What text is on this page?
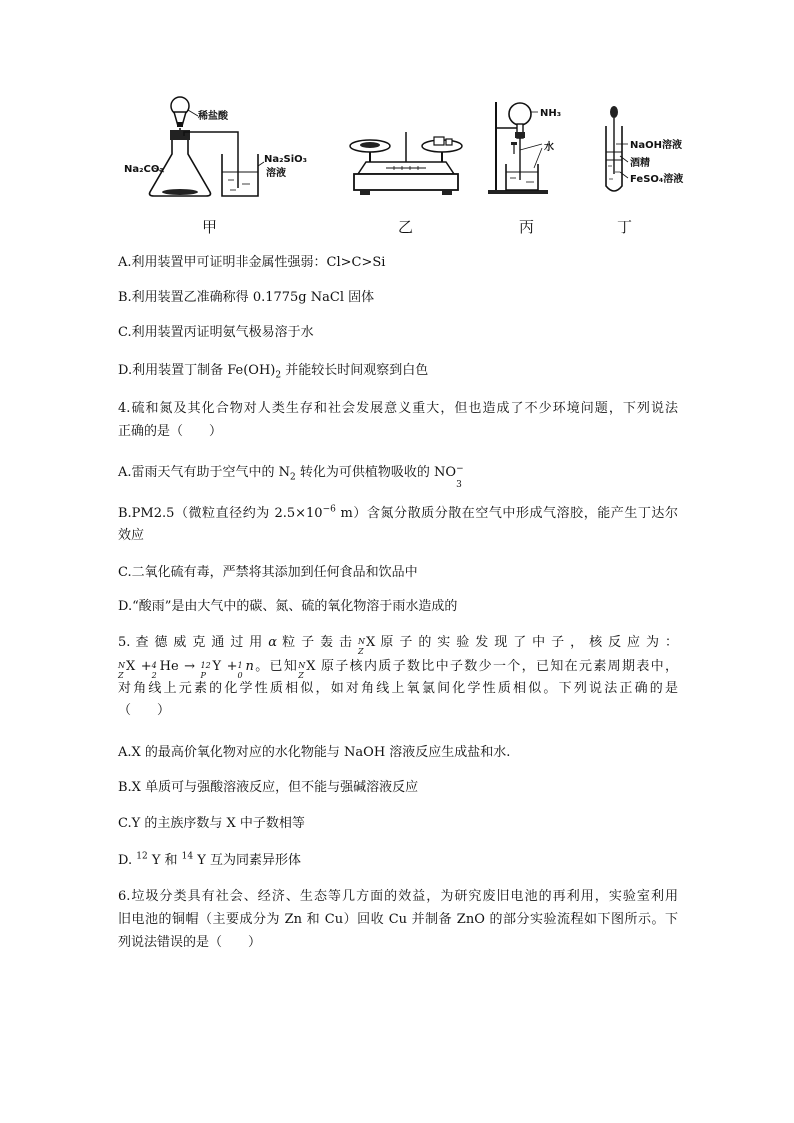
稀盐酸
Na₂CO₃
Na₂SiO₃
溶液
甲	乙
NH₃
水
丙
NaOH溶液
酒精
FeSO₄溶液
丁
A.利用装置甲可证明非金属性强弱：Cl>C>Si
B.利用装置乙准确称得 0.1775g NaCl 固体
C.利用装置丙证明氨气极易溶于水
D.利用装置丁制备 $Fe(OH)_2$ 并能较长时间观察到白色
4.硫和氮及其化合物对人类生存和社会发展意义重大，但也造成了不少环境问题，下列说法
正确的是（　　）
A.雷雨天气有助于空气中的 $N_2$ 转化为可供植物吸收的 NO −
3
B.PM2.5（微粒直径约为 $2.5\times 10^{-6}$ m）含氮分散质分散在空气中形成气溶胶，能产生丁达尔
效应
C.二氧化硫有毒，严禁将其添加到任何食品和饮品中
D.“酸雨”是由大气中的碳、氮、硫的氧化物溶于雨水造成的
5. 查 德 威 克 通 过 用 α 粒 子 轰 击 N
Z
X 原 子 的 实 验 发 现 了 中 子 ， 核 反 应 为 ：
N
Z
X + 4
2
He → 12
P
Y + 1
0
n。已知 N
Z
X 原子核内质子数比中子数少一个，已知在元素周期表中，
对角线上元素的化学性质相似，如对角线上氧氯间化学性质相似。下列说法正确的是
（　　）
A.X 的最高价氧化物对应的水化物能与 NaOH 溶液反应生成盐和水.
B.X 单质可与强酸溶液反应，但不能与强碱溶液反应
C.Y 的主族序数与 X 中子数相等
D. $^{12}$ Y 和 $^{14}$ Y 互为同素异形体
6.垃圾分类具有社会、经济、生态等几方面的效益，为研究废旧电池的再利用，实验室利用
旧电池的铜帽（主要成分为 Zn 和 Cu）回收 Cu 并制备 ZnO 的部分实验流程如下图所示。下
列说法错误的是（　　）
